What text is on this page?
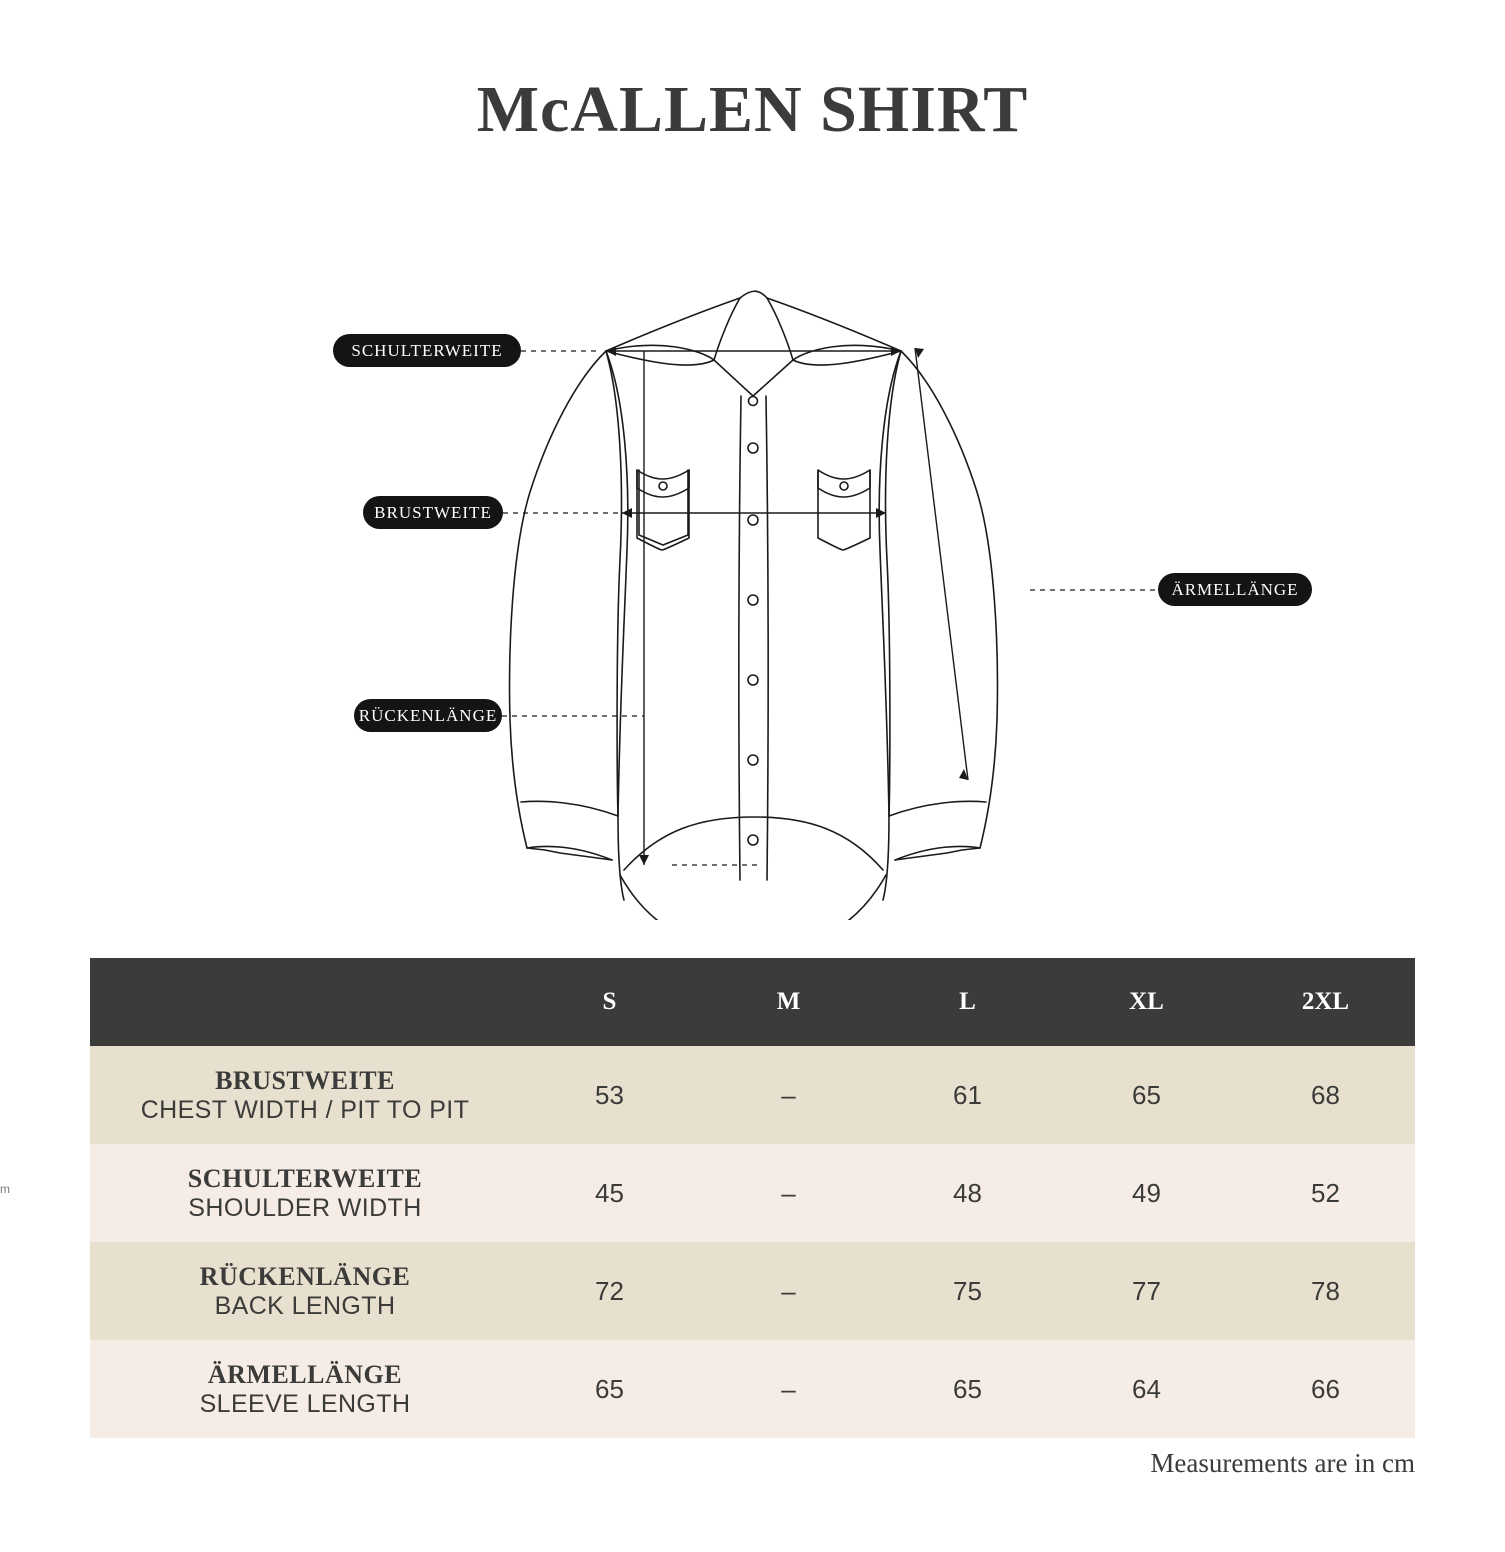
McALLEN SHIRT
m
SCHULTERWEITE
BRUSTWEITE
ÄRMELLÄNGE
RÜCKENLÄNGE
	S	M	L	XL	2XL

BRUSTWEITE
CHEST WIDTH / PIT TO PIT	53	–	61	65	68

SCHULTERWEITE
SHOULDER WIDTH	45	–	48	49	52

RÜCKENLÄNGE
BACK LENGTH	72	–	75	77	78

ÄRMELLÄNGE
SLEEVE LENGTH	65	–	65	64	66
Measurements are in cm
